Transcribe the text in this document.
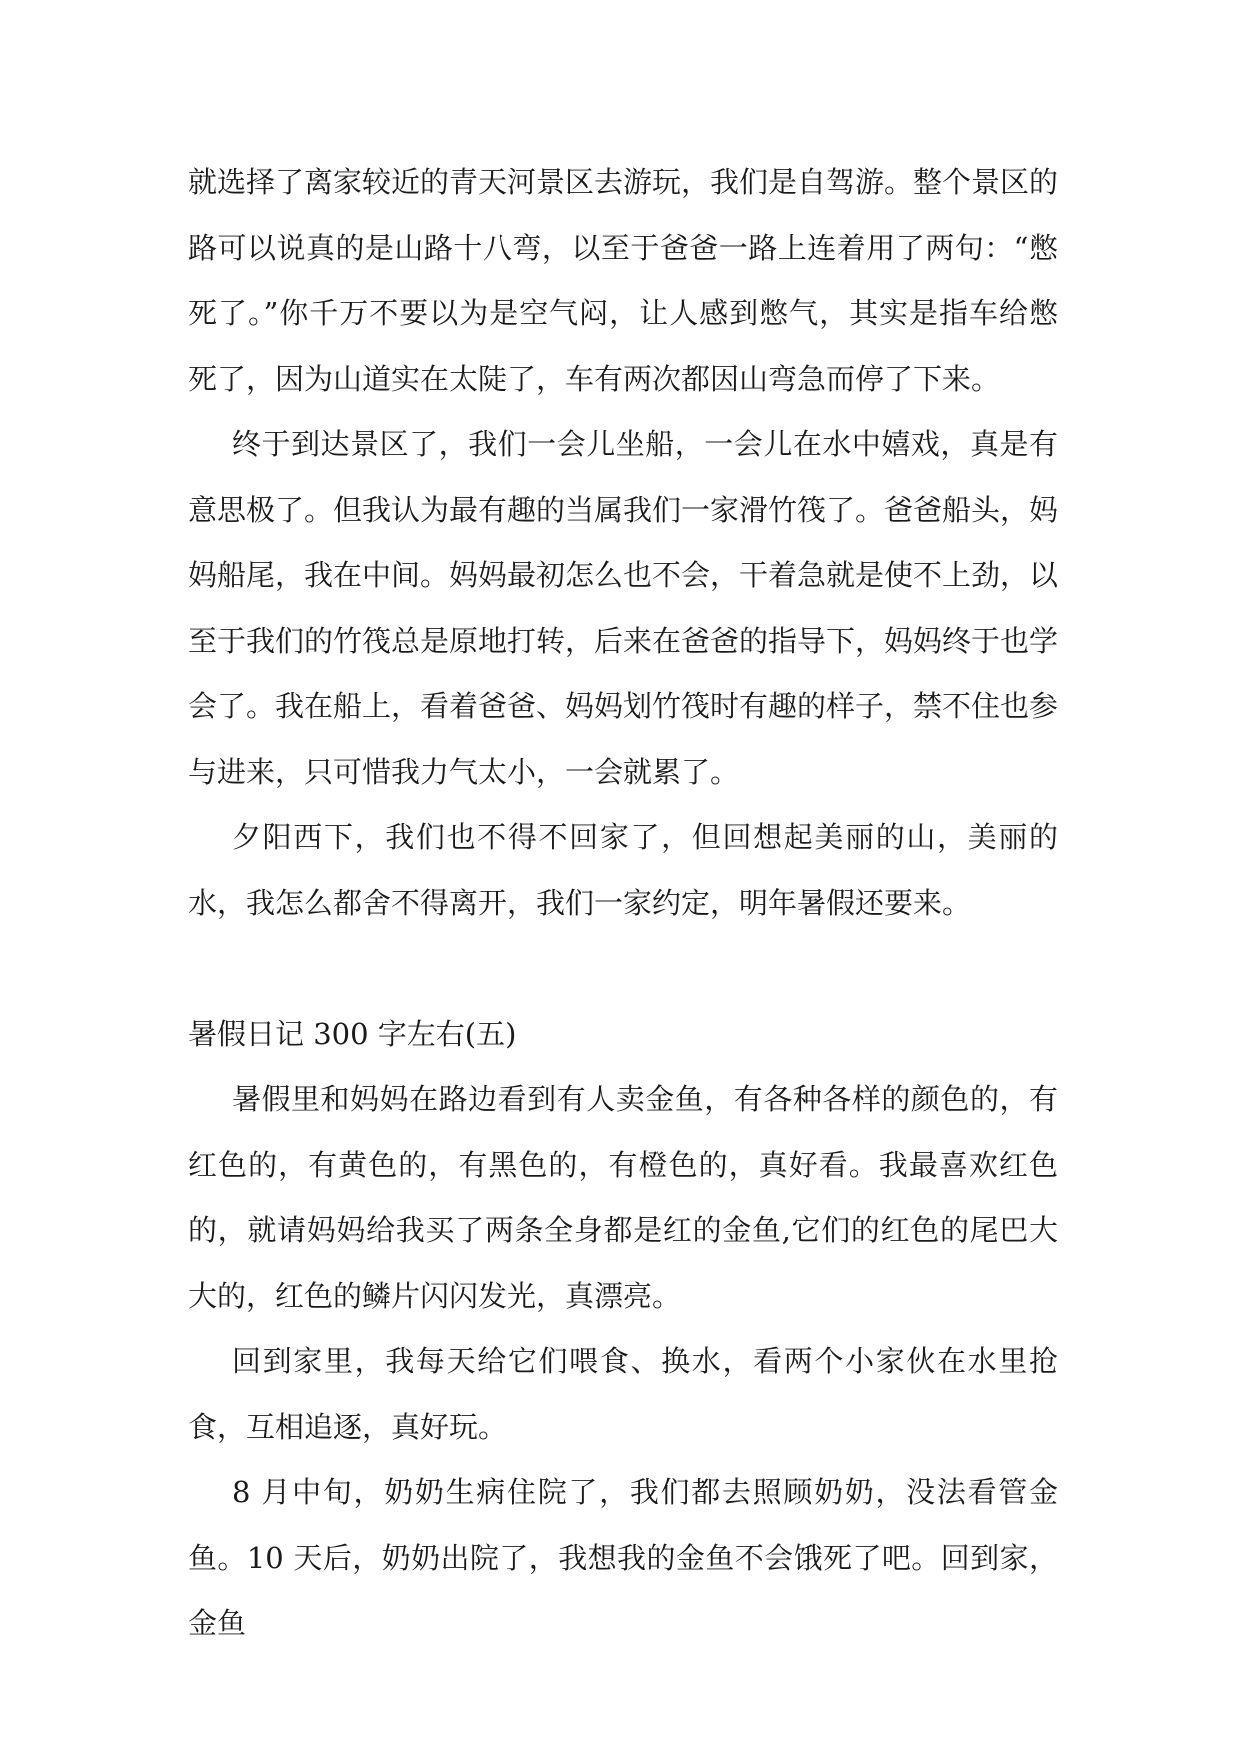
就选择了离家较近的青天河景区去游玩，我们是自驾游。整个景区的路可以说真的是山路十八弯，以至于爸爸一路上连着用了两句：“憋死了。”你千万不要以为是空气闷，让人感到憋气，其实是指车给憋死了，因为山道实在太陡了，车有两次都因山弯急而停了下来。

终于到达景区了，我们一会儿坐船，一会儿在水中嬉戏，真是有意思极了。但我认为最有趣的当属我们一家滑竹筏了。爸爸船头，妈妈船尾，我在中间。妈妈最初怎么也不会，干着急就是使不上劲，以至于我们的竹筏总是原地打转，后来在爸爸的指导下，妈妈终于也学会了。我在船上，看着爸爸、妈妈划竹筏时有趣的样子，禁不住也参与进来，只可惜我力气太小，一会就累了。

夕阳西下，我们也不得不回家了，但回想起美丽的山，美丽的水，我怎么都舍不得离开，我们一家约定，明年暑假还要来。

暑假日记 300 字左右(五)

暑假里和妈妈在路边看到有人卖金鱼，有各种各样的颜色的，有红色的，有黄色的，有黑色的，有橙色的，真好看。我最喜欢红色的，就请妈妈给我买了两条全身都是红的金鱼,它们的红色的尾巴大大的，红色的鳞片闪闪发光，真漂亮。

回到家里，我每天给它们喂食、换水，看两个小家伙在水里抢食，互相追逐，真好玩。

8 月中旬，奶奶生病住院了，我们都去照顾奶奶，没法看管金鱼。10 天后，奶奶出院了，我想我的金鱼不会饿死了吧。回到家，金鱼
